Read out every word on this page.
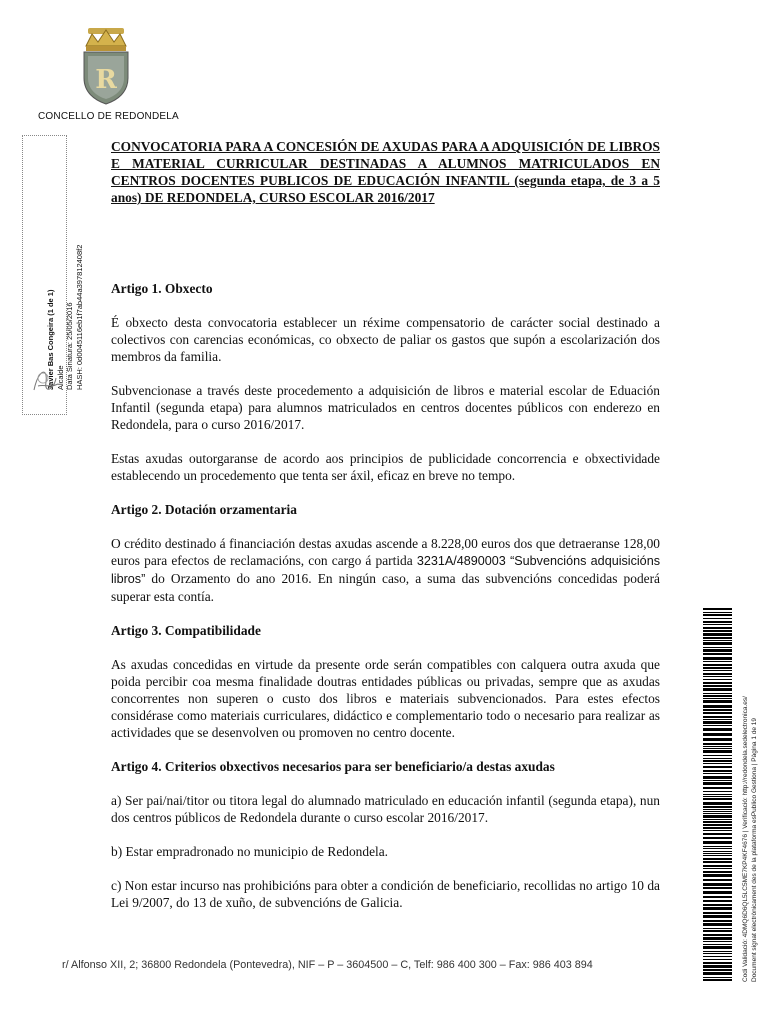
R
CONCELLO DE REDONDELA
Javier Bas Congeira (1 de 1) Alcalde Data Sinatura: 25/05/2016 HASH: 0d0045116eb1f7ab44a397812408f2
CONVOCATORIA PARA A CONCESIÓN DE AXUDAS PARA A ADQUISICIÓN DE LIBROS E MATERIAL CURRICULAR DESTINADAS A ALUMNOS MATRICULADOS EN CENTROS DOCENTES PUBLICOS DE EDUCACIÓN INFANTIL (segunda etapa, de 3 a 5 anos) DE REDONDELA, CURSO ESCOLAR 2016/2017
Artigo 1. Obxecto

É obxecto desta convocatoria establecer un réxime compensatorio de carácter social destinado a colectivos con carencias económicas, co obxecto de paliar os gastos que supón a escolarización dos membros da familia.

Subvencionase a través deste procedemento a adquisición de libros e material escolar de Eduación Infantil (segunda etapa) para alumnos matriculados en centros docentes públicos con enderezo en Redondela, para o curso 2016/2017.

Estas axudas outorgaranse de acordo aos principios de publicidade concorrencia e obxectividade establecendo un procedemento que tenta ser áxil, eficaz en breve no tempo.

Artigo 2. Dotación orzamentaria

O crédito destinado á financiación destas axudas ascende a 8.228,00 euros dos que detraeranse 128,00 euros para efectos de reclamacións, con cargo á partida 3231A/4890003 “Subvencións adquisicións libros” do Orzamento do ano 2016. En ningún caso, a suma das subvencións concedidas poderá superar esta contía.

Artigo 3. Compatibilidade

As axudas concedidas en virtude da presente orde serán compatibles con calquera outra axuda que poida percibir coa mesma finalidade doutras entidades públicas ou privadas, sempre que as axudas concorrentes non superen o custo dos libros e materiais subvencionados. Para estes efectos considérase como materiais curriculares, didáctico e complementario todo o necesario para realizar as actividades que se desenvolven ou promoven no centro docente.

Artigo 4. Criterios obxectivos necesarios para ser beneficiario/a destas axudas

a) Ser pai/nai/titor ou titora legal do alumnado matriculado en educación infantil (segunda etapa), nun dos centros públicos de Redondela durante o curso escolar 2016/2017.

b) Estar empradronado no municipio de Redondela.

c) Non estar incurso nas prohibicións para obter a condición de beneficiario, recollidas no artigo 10 da Lei 9/2007, do 13 de xuño, de subvencións de Galicia.

r/ Alfonso XII, 2; 36800 Redondela (Pontevedra), NIF – P – 3604500 – C, Telf: 986 400 300 – Fax: 986 403 894	Codi Validació: 4DMQ6D6QL5LC5ME7KP4KF4676 | Verificació: http://redondela.sedelectronica.es/ Document signat electrònicament des de la plataforma esPublico Gestiona | Pàgina 1 de 19
